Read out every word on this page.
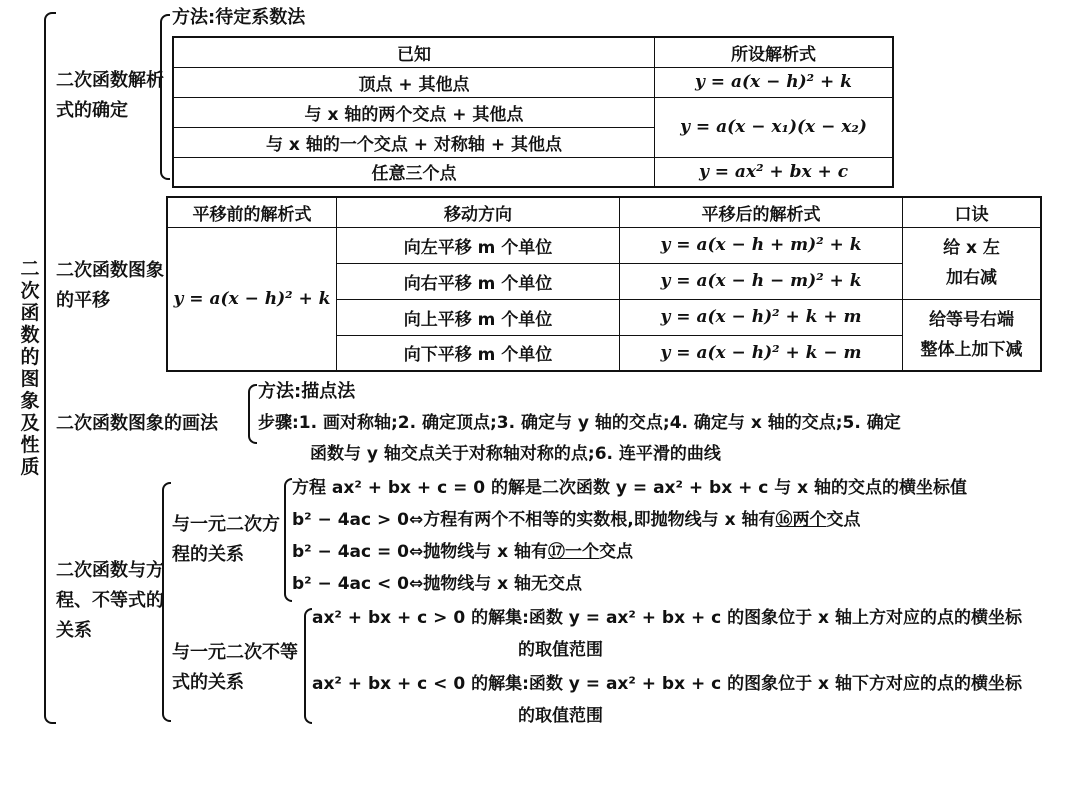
二次函数的图象及性质
二次函数解析式的确定
方法:待定系数法
已知	所设解析式
顶点 + 其他点	y = a(x − h)² + k
与 x 轴的两个交点 + 其他点	y = a(x − x₁)(x − x₂)
与 x 轴的一个交点 + 对称轴 + 其他点	
任意三个点	y = ax² + bx + c
二次函数图象的平移
平移前的解析式	移动方向	平移后的解析式	口诀
y = a(x − h)² + k	向左平移 m 个单位	y = a(x − h + m)² + k	给 x 左
加右减

	向右平移 m 个单位	y = a(x − h − m)² + k	
	向上平移 m 个单位	y = a(x − h)² + k + m	给等号右端
整体上加下减

	向下平移 m 个单位	y = a(x − h)² + k − m	
二次函数图象的画法
方法:描点法
步骤:1. 画对称轴;2. 确定顶点;3. 确定与 y 轴的交点;4. 确定与 x 轴的交点;5. 确定
函数与 y 轴交点关于对称轴对称的点;6. 连平滑的曲线
二次函数与方程、不等式的关系
与一元二次方程的关系
方程 ax² + bx + c = 0 的解是二次函数 y = ax² + bx + c 与 x 轴的交点的横坐标值
b² − 4ac > 0⇔方程有两个不相等的实数根,即抛物线与 x 轴有⑯两个交点
b² − 4ac = 0⇔抛物线与 x 轴有⑰一个交点
b² − 4ac < 0⇔抛物线与 x 轴无交点
与一元二次不等式的关系
ax² + bx + c > 0 的解集:函数 y = ax² + bx + c 的图象位于 x 轴上方对应的点的横坐标
的取值范围
ax² + bx + c < 0 的解集:函数 y = ax² + bx + c 的图象位于 x 轴下方对应的点的横坐标
的取值范围
